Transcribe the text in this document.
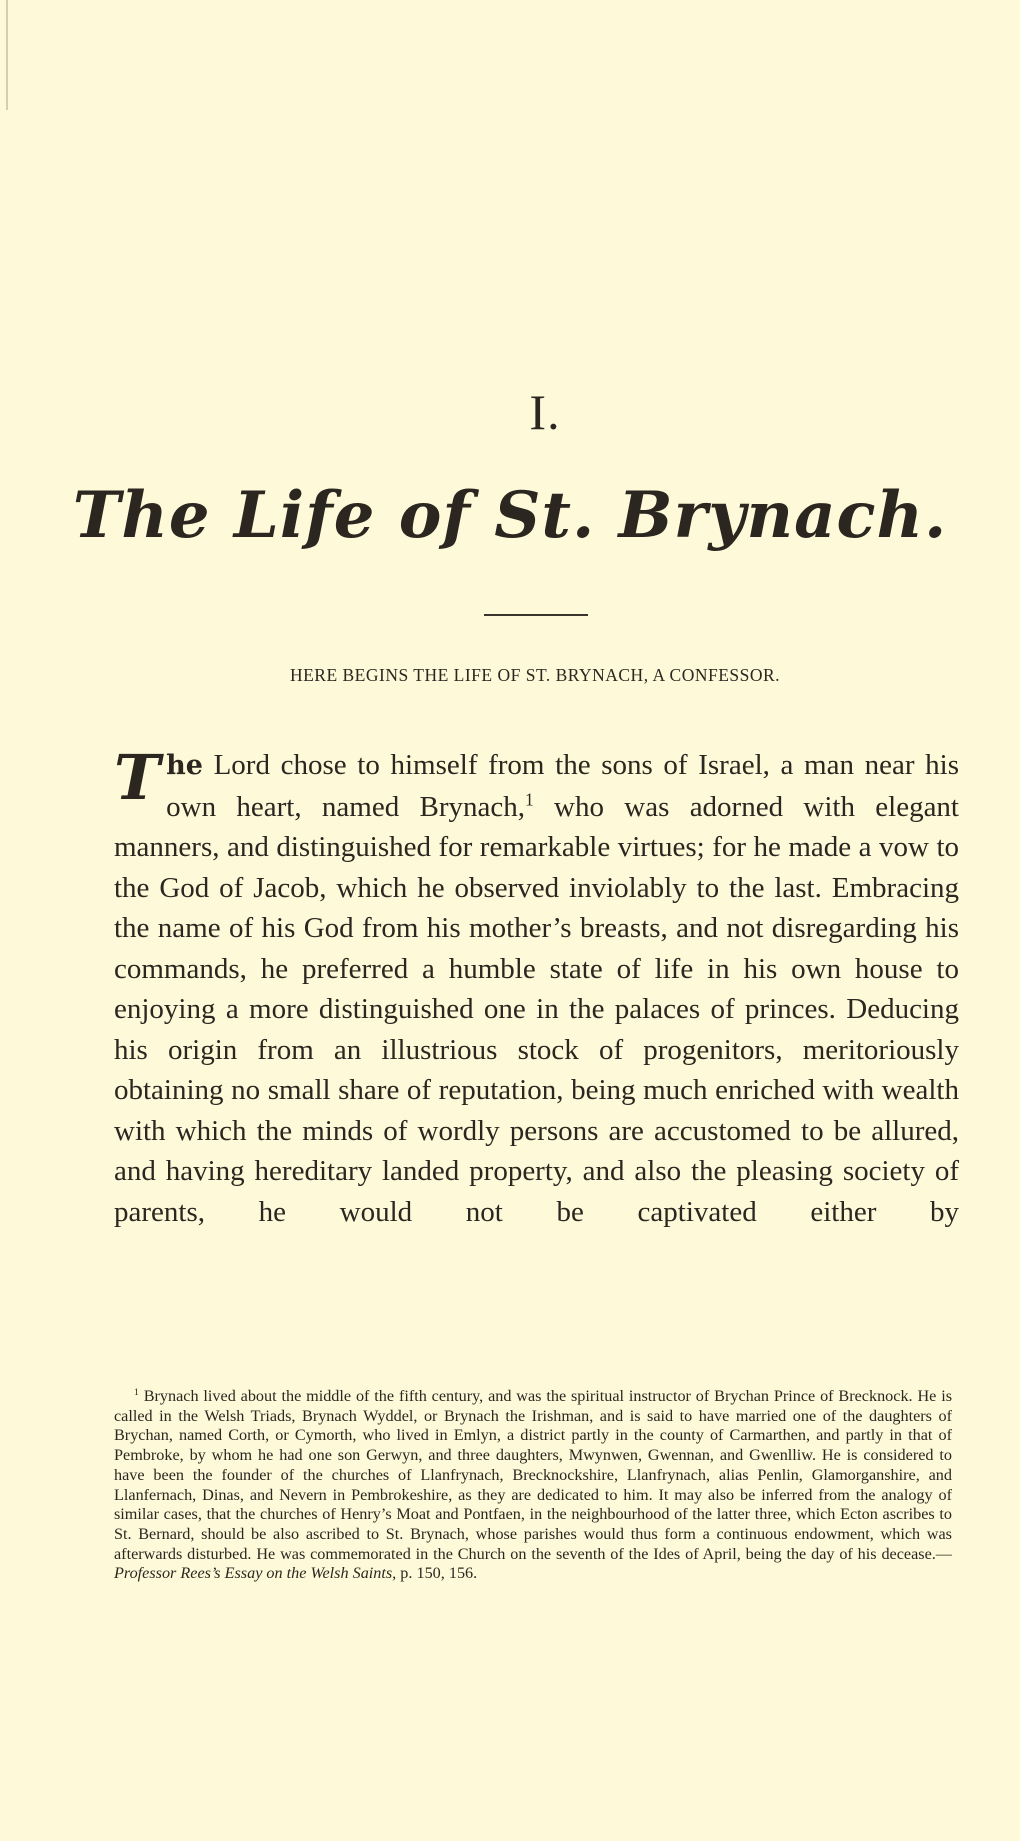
I.
The Life of St. Brynach.
HERE BEGINS THE LIFE OF ST. BRYNACH, A CONFESSOR.

The Lord chose to himself from the sons of Israel, a man near his own heart, named Brynach,$^1$ who was adorned with elegant manners, and distinguished for remarkable virtues; for he made a vow to the God of Jacob, which he observed inviolably to the last. Embracing the name of his God from his mother’s breasts, and not disregarding his commands, he preferred a humble state of life in his own house to enjoying a more distinguished one in the palaces of princes. Deducing his origin from an illustrious stock of progenitors, meritoriously obtaining no small share of reputation, being much enriched with wealth with which the minds of wordly persons are accustomed to be allured, and having hereditary landed property, and also the pleasing society of parents, he would not be captivated either by

$^1$ Brynach lived about the middle of the fifth century, and was the spiritual instructor of Brychan Prince of Brecknock. He is called in the Welsh Triads, Brynach Wyddel, or Brynach the Irishman, and is said to have married one of the daughters of Brychan, named Corth, or Cymorth, who lived in Emlyn, a district partly in the county of Carmarthen, and partly in that of Pembroke, by whom he had one son Gerwyn, and three daughters, Mwynwen, Gwennan, and Gwenlliw. He is considered to have been the founder of the churches of Llanfrynach, Brecknockshire, Llanfrynach, alias Penlin, Glamorganshire, and Llanfernach, Dinas, and Nevern in Pembrokeshire, as they are dedicated to him. It may also be inferred from the analogy of similar cases, that the churches of Henry’s Moat and Pontfaen, in the neighbourhood of the latter three, which Ecton ascribes to St. Bernard, should be also ascribed to St. Brynach, whose parishes would thus form a continuous endowment, which was afterwards disturbed. He was commemorated in the Church on the seventh of the Ides of April, being the day of his decease.— Professor Rees’s Essay on the Welsh Saints, p. 150, 156.
